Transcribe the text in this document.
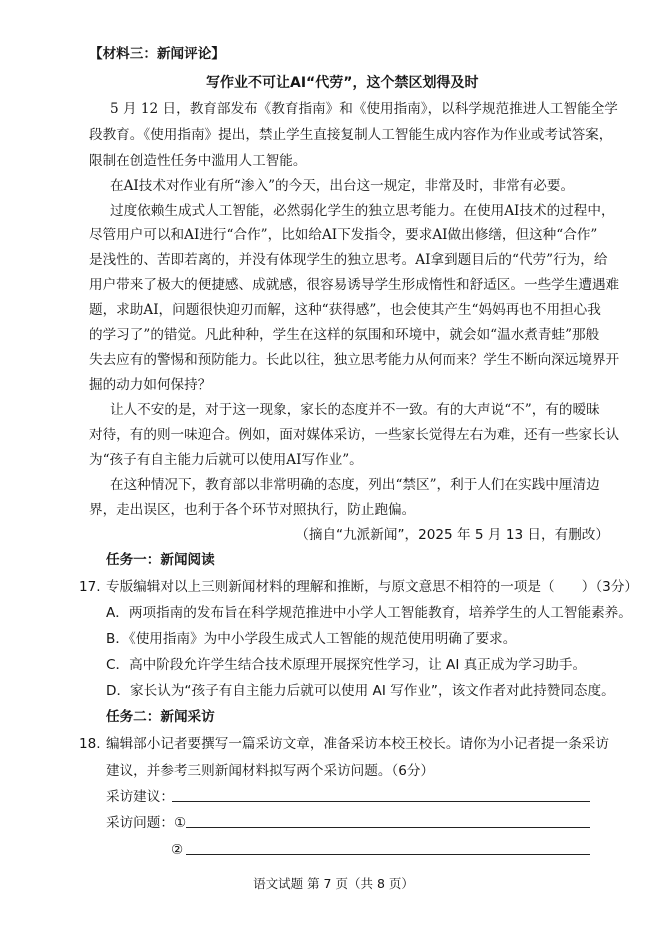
【材料三：新闻评论】
写作业不可让AI“代劳”，这个禁区划得及时
5 月 12 日，教育部发布《教育指南》和《使用指南》，以科学规范推进人工智能全学
段教育。《使用指南》提出，禁止学生直接复制人工智能生成内容作为作业或考试答案，
限制在创造性任务中滥用人工智能。
在AI技术对作业有所“渗入”的今天，出台这一规定，非常及时，非常有必要。
过度依赖生成式人工智能，必然弱化学生的独立思考能力。在使用AI技术的过程中，
尽管用户可以和AI进行“合作”，比如给AI下发指令，要求AI做出修缮，但这种“合作”
是浅性的、苦即若离的，并没有体现学生的独立思考。AI拿到题目后的“代劳”行为，给
用户带来了极大的便捷感、成就感，很容易诱导学生形成惰性和舒适区。一些学生遭遇难
题，求助AI，问题很快迎刃而解，这种“获得感”，也会使其产生“妈妈再也不用担心我
的学习了”的错觉。凡此种种，学生在这样的氛围和环境中，就会如“温水煮青蛙”那般
失去应有的警惕和预防能力。长此以往，独立思考能力从何而来？学生不断向深远境界开
掘的动力如何保持？
让人不安的是，对于这一现象，家长的态度并不一致。有的大声说“不”，有的暧昧
对待，有的则一味迎合。例如，面对媒体采访，一些家长觉得左右为难，还有一些家长认
为“孩子有自主能力后就可以使用AI写作业”。
在这种情况下，教育部以非常明确的态度，列出“禁区”，利于人们在实践中厘清边
界，走出误区，也利于各个环节对照执行，防止跑偏。
（摘自“九派新闻”，2025 年 5 月 13 日，有删改）
任务一：新闻阅读
17. 专版编辑对以上三则新闻材料的理解和推断，与原文意思不相符的一项是（　　）（3分）
A．两项指南的发布旨在科学规范推进中小学人工智能教育，培养学生的人工智能素养。
B．《使用指南》为中小学段生成式人工智能的规范使用明确了要求。
C．高中阶段允许学生结合技术原理开展探究性学习，让 AI 真正成为学习助手。
D．家长认为“孩子有自主能力后就可以使用 AI 写作业”，该文作者对此持赞同态度。
任务二：新闻采访
18. 编辑部小记者要撰写一篇采访文章，准备采访本校王校长。请你为小记者提一条采访
建议，并参考三则新闻材料拟写两个采访问题。（6分）
采访建议：
采访问题：①
②
语文试题 第 7 页（共 8 页）
